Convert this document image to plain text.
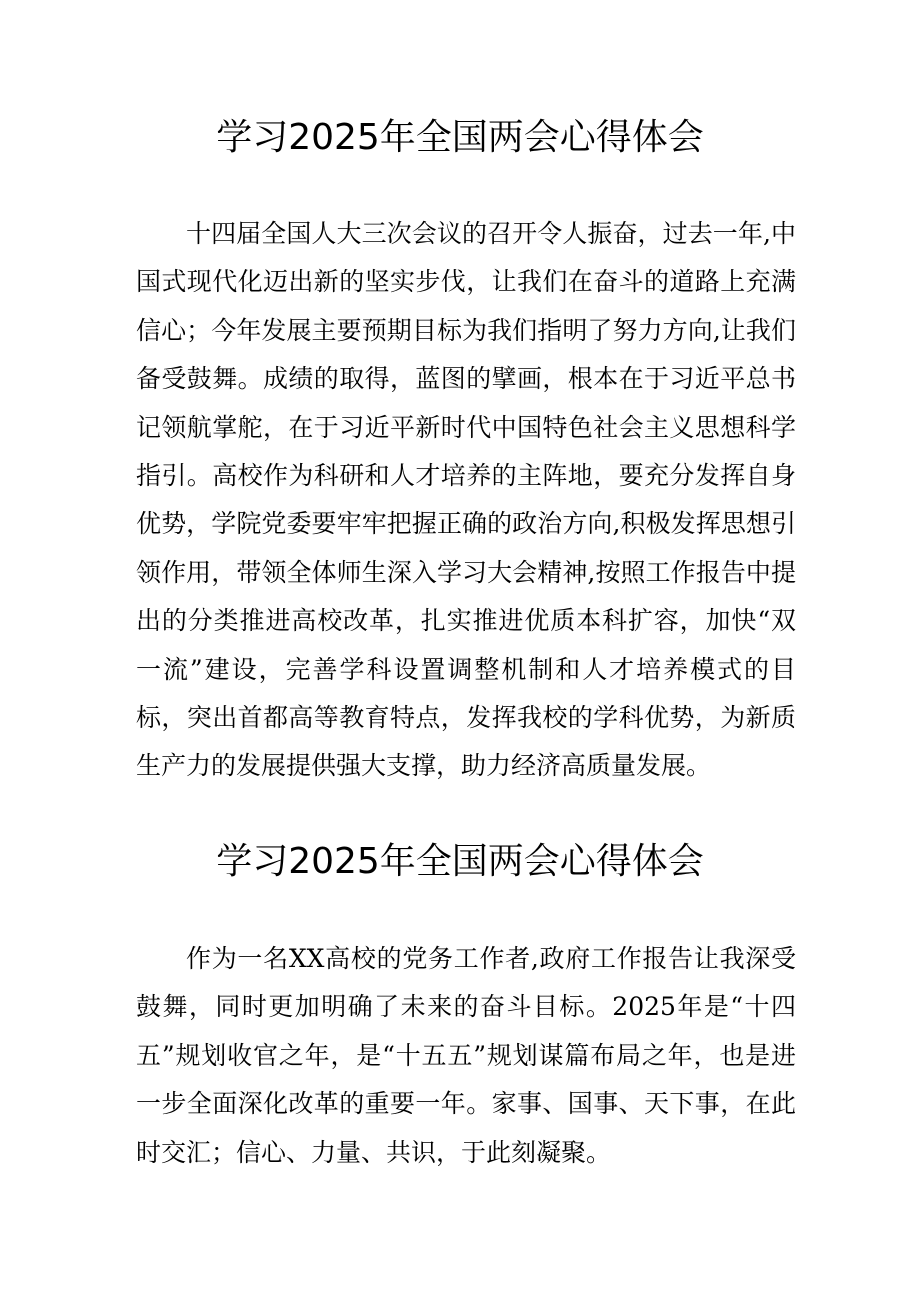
学习2025年全国两会心得体会

十四届全国人大三次会议的召开令人振奋，过去一年,中国式现代化迈出新的坚实步伐，让我们在奋斗的道路上充满信心；今年发展主要预期目标为我们指明了努力方向,让我们备受鼓舞。成绩的取得，蓝图的擘画，根本在于习近平总书记领航掌舵，在于习近平新时代中国特色社会主义思想科学指引。高校作为科研和人才培养的主阵地，要充分发挥自身优势，学院党委要牢牢把握正确的政治方向,积极发挥思想引领作用，带领全体师生深入学习大会精神,按照工作报告中提出的分类推进高校改革，扎实推进优质本科扩容，加快“双一流”建设，完善学科设置调整机制和人才培养模式的目标，突出首都高等教育特点，发挥我校的学科优势，为新质生产力的发展提供强大支撑，助力经济高质量发展。

学习2025年全国两会心得体会

作为一名XX高校的党务工作者,政府工作报告让我深受鼓舞，同时更加明确了未来的奋斗目标。2025年是“十四五”规划收官之年，是“十五五”规划谋篇布局之年，也是进一步全面深化改革的重要一年。家事、国事、天下事，在此时交汇；信心、力量、共识，于此刻凝聚。
